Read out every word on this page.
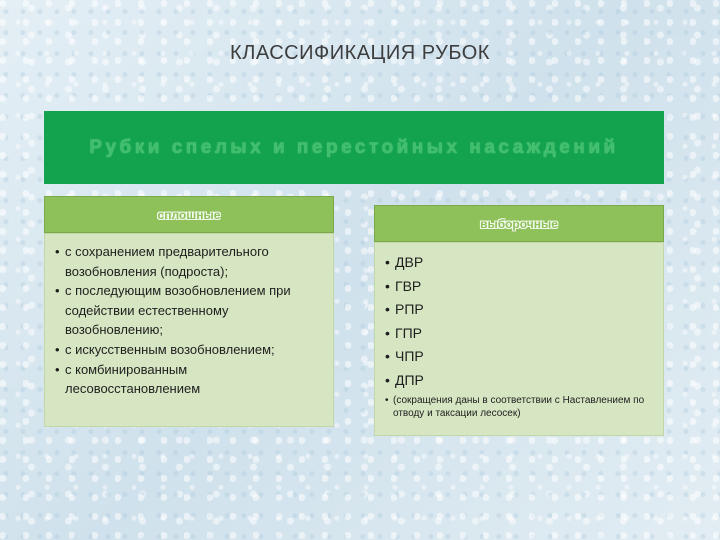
КЛАССИФИКАЦИЯ РУБОК
Рубки спелых и перестойных насаждений
сплошные
• с сохранением предварительного возобновления (подроста);
• с последующим возобновлением при содействии естественному возобновлению;
• с искусственным возобновлением;
• с комбинированным лесовосстановлением
выборочные
• ДВР
• ГВР
• РПР
• ГПР
• ЧПР
• ДПР
• (сокращения даны в соответствии с Наставлением по отводу и таксации лесосек)
